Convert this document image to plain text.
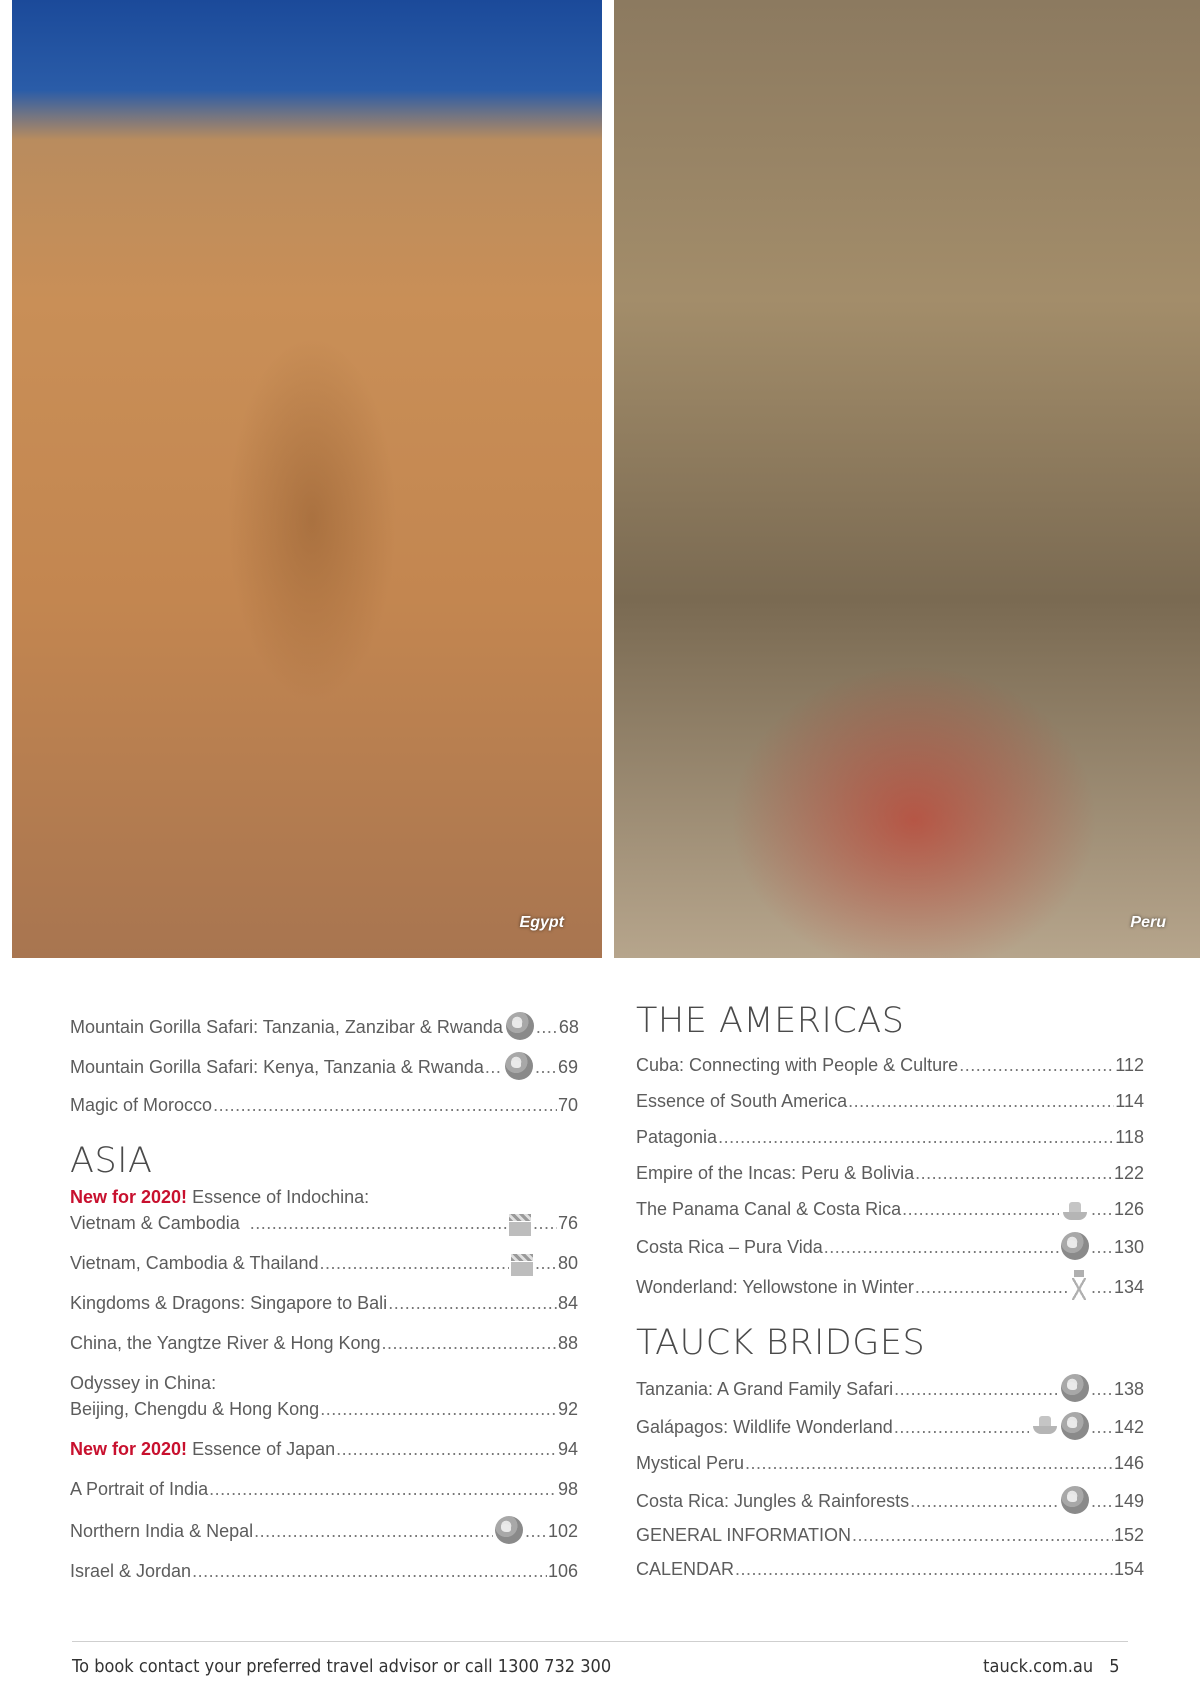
Egypt	Peru
Mountain Gorilla Safari: Tanzania, Zanzibar & Rwanda .....	68
Mountain Gorilla Safari: Kenya, Tanzania & Rwanda ..... .....	69
Magic of Morocco .....	70
ASIA
New for 2020! Essence of Indochina:
Vietnam & Cambodia ..... .....	76
Vietnam, Cambodia & Thailand ..... .....	80
Kingdoms & Dragons: Singapore to Bali .....	84
China, the Yangtze River & Hong Kong .....	88
Odyssey in China:
Beijing, Chengdu & Hong Kong .....	92
New for 2020! Essence of Japan .....	94
A Portrait of India .....	98
Northern India & Nepal ..... .....	102
Israel & Jordan .....	106
THE AMERICAS
Cuba: Connecting with People & Culture .....	112
Essence of South America .....	114
Patagonia .....	118
Empire of the Incas: Peru & Bolivia .....	122
The Panama Canal & Costa Rica ..... .....	126
Costa Rica – Pura Vida ..... .....	130
Wonderland: Yellowstone in Winter ..... .....	134
TAUCK BRIDGES
Tanzania: A Grand Family Safari ..... .....	138
Galápagos: Wildlife Wonderland ..... .....	142
Mystical Peru .....	146
Costa Rica: Jungles & Rainforests ..... .....	149
GENERAL INFORMATION .....	152
CALENDAR .....	154
To book contact your preferred travel advisor or call 1300 732 300	tauck.com.au 5
